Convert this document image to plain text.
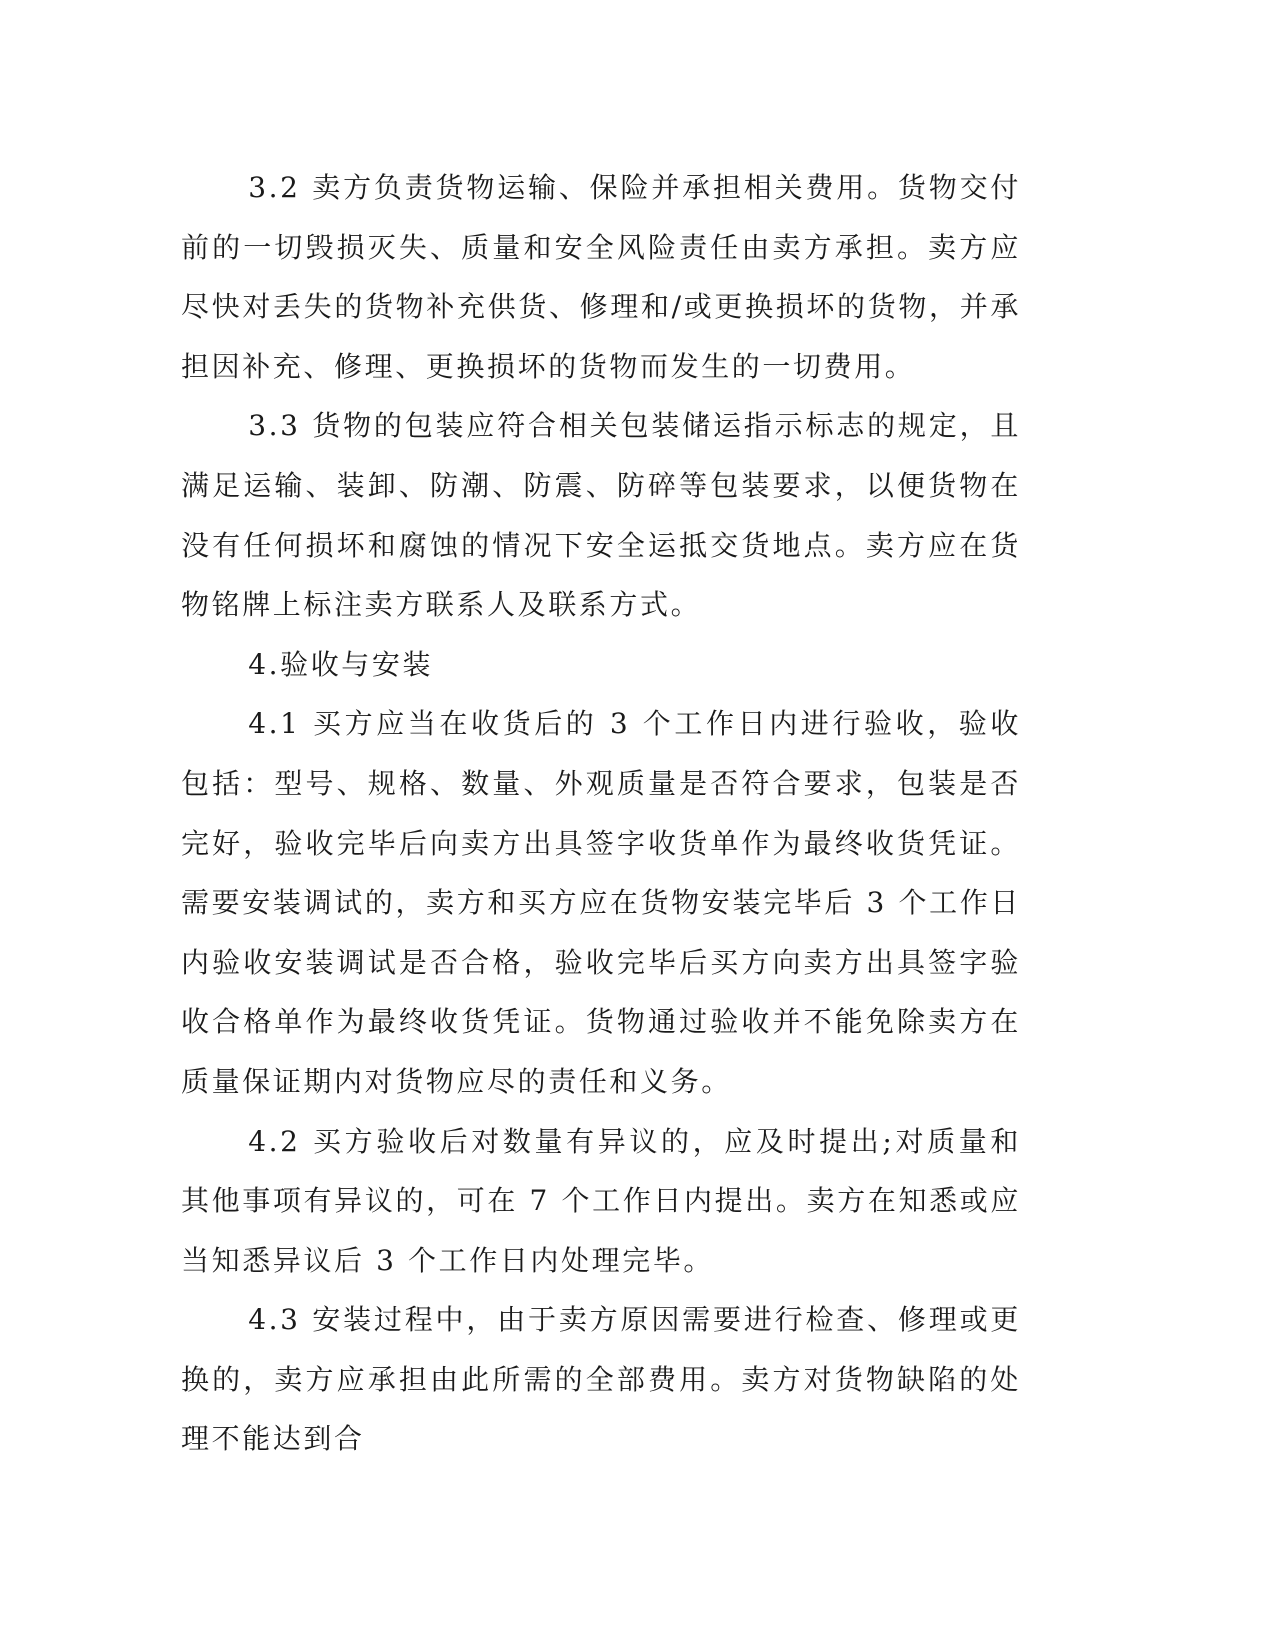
3.2 卖方负责货物运输、保险并承担相关费用。货物交付前的一切毁损灭失、质量和安全风险责任由卖方承担。卖方应尽快对丢失的货物补充供货、修理和/或更换损坏的货物，并承担因补充、修理、更换损坏的货物而发生的一切费用。

3.3 货物的包装应符合相关包装储运指示标志的规定，且满足运输、装卸、防潮、防震、防碎等包装要求，以便货物在没有任何损坏和腐蚀的情况下安全运抵交货地点。卖方应在货物铭牌上标注卖方联系人及联系方式。

4.验收与安装

4.1 买方应当在收货后的 3 个工作日内进行验收，验收包括：型号、规格、数量、外观质量是否符合要求，包装是否完好，验收完毕后向卖方出具签字收货单作为最终收货凭证。需要安装调试的，卖方和买方应在货物安装完毕后 3 个工作日内验收安装调试是否合格，验收完毕后买方向卖方出具签字验收合格单作为最终收货凭证。货物通过验收并不能免除卖方在质量保证期内对货物应尽的责任和义务。

4.2 买方验收后对数量有异议的，应及时提出;对质量和其他事项有异议的，可在 7 个工作日内提出。卖方在知悉或应当知悉异议后 3 个工作日内处理完毕。

4.3 安装过程中，由于卖方原因需要进行检查、修理或更换的，卖方应承担由此所需的全部费用。卖方对货物缺陷的处理不能达到合
